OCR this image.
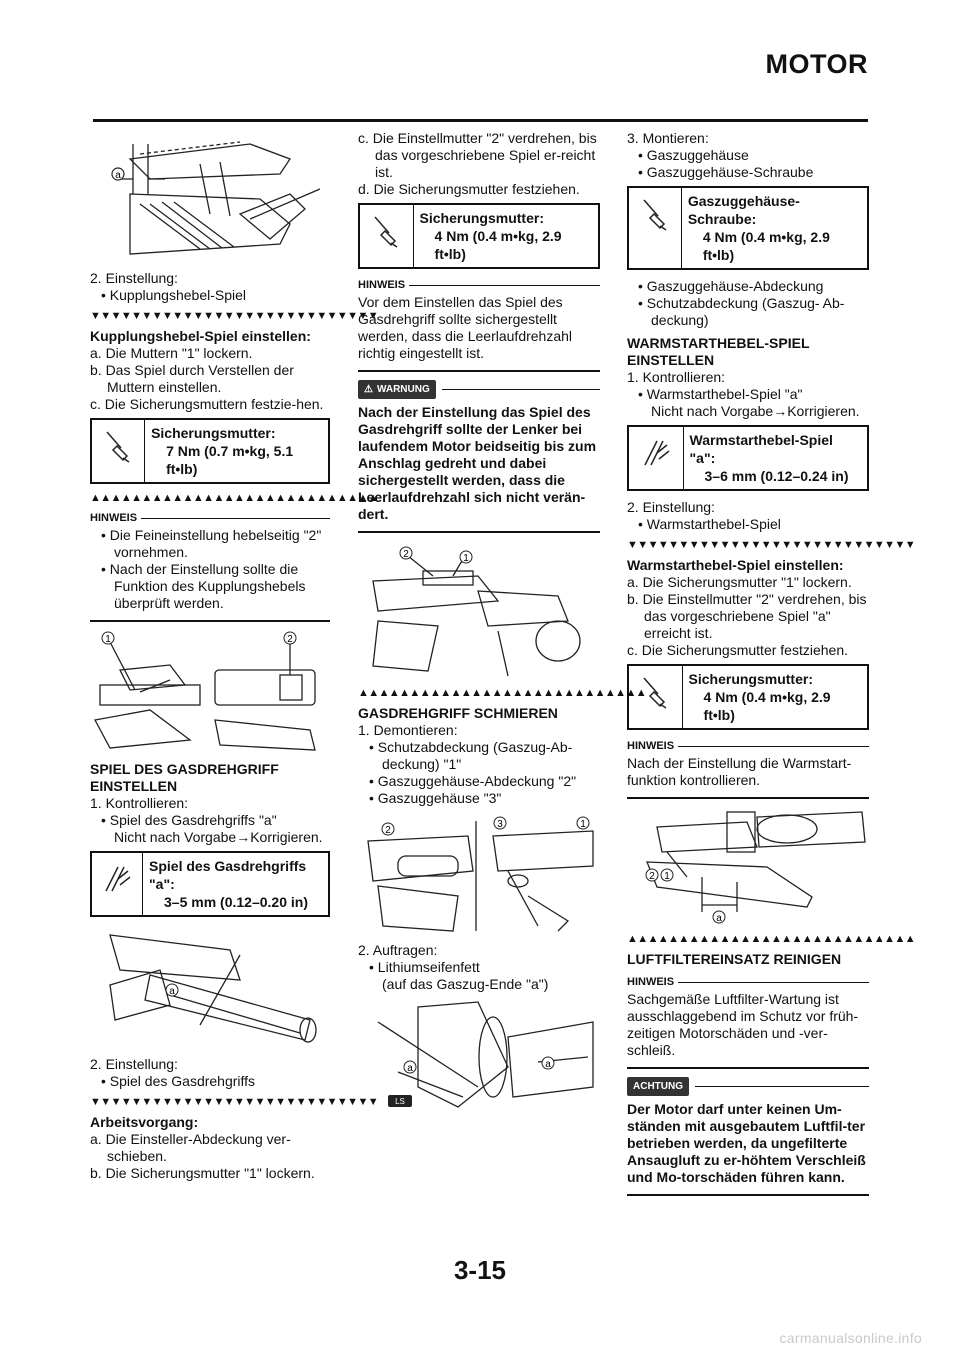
MOTOR
a

2. Einstellung:

• Kupplungshebel-Spiel

▼▼▼▼▼▼▼▼▼▼▼▼▼▼▼▼▼▼▼▼▼▼▼▼▼▼▼▼

Kupplungshebel-Spiel einstellen:

a. Die Muttern "1" lockern.

b. Das Spiel durch Verstellen der Muttern einstellen.

c. Die Sicherungsmuttern festzie-hen.

Sicherungsmutter:
7 Nm (0.7 m•kg, 5.1 ft•lb)
▲▲▲▲▲▲▲▲▲▲▲▲▲▲▲▲▲▲▲▲▲▲▲▲▲▲▲▲
HINWEIS

• Die Feineinstellung hebelseitig "2" vornehmen.

• Nach der Einstellung sollte die Funktion des Kupplungshebels überprüft werden.

1	2

SPIEL DES GASDREHGRIFF EINSTELLEN

1. Kontrollieren:

• Spiel des Gasdrehgriffs "a"

Nicht nach Vorgabe→Korrigieren.

Spiel des Gasdrehgriffs "a":
3–5 mm (0.12–0.20 in)
a

2. Einstellung:

• Spiel des Gasdrehgriffs

▼▼▼▼▼▼▼▼▼▼▼▼▼▼▼▼▼▼▼▼▼▼▼▼▼▼▼▼

Arbeitsvorgang:

a. Die Einsteller-Abdeckung ver-schieben.

b. Die Sicherungsmutter "1" lockern.

c. Die Einstellmutter "2" verdrehen, bis das vorgeschriebene Spiel er-reicht ist.

d. Die Sicherungsmutter festziehen.

Sicherungsmutter:
4 Nm (0.4 m•kg, 2.9 ft•lb)
HINWEIS

Vor dem Einstellen das Spiel des Gasdrehgriff sollte sichergestellt werden, dass die Leerlaufdrehzahl richtig eingestellt ist.

⚠ WARNUNG

Nach der Einstellung das Spiel des Gasdrehgriff sollte der Lenker bei laufendem Motor beidseitig bis zum Anschlag gedreht und dabei sichergestellt werden, dass die Leerlaufdrehzahl sich nicht verän-dert.

2	1
▲▲▲▲▲▲▲▲▲▲▲▲▲▲▲▲▲▲▲▲▲▲▲▲▲▲▲▲

GASDREHGRIFF SCHMIEREN

1. Demontieren:

• Schutzabdeckung (Gaszug-Ab-deckung) "1"

• Gaszuggehäuse-Abdeckung "2"

• Gaszuggehäuse "3"

2
3	1

2. Auftragen:

• Lithiumseifenfett

(auf das Gaszug-Ende "a")

a	a
LS

3. Montieren:

• Gaszuggehäuse

• Gaszuggehäuse-Schraube

Gaszuggehäuse-Schraube:
4 Nm (0.4 m•kg, 2.9 ft•lb)

• Gaszuggehäuse-Abdeckung

• Schutzabdeckung (Gaszug- Ab-deckung)

WARMSTARTHEBEL-SPIEL EINSTELLEN

1. Kontrollieren:

• Warmstarthebel-Spiel "a"

Nicht nach Vorgabe→Korrigieren.

Warmstarthebel-Spiel "a":
3–6 mm (0.12–0.24 in)

2. Einstellung:

• Warmstarthebel-Spiel

▼▼▼▼▼▼▼▼▼▼▼▼▼▼▼▼▼▼▼▼▼▼▼▼▼▼▼▼

Warmstarthebel-Spiel einstellen:

a. Die Sicherungsmutter "1" lockern.

b. Die Einstellmutter "2" verdrehen, bis das vorgeschriebene Spiel "a" erreicht ist.

c. Die Sicherungsmutter festziehen.

Sicherungsmutter:
4 Nm (0.4 m•kg, 2.9 ft•lb)
HINWEIS

Nach der Einstellung die Warmstart-funktion kontrollieren.

2 1
a
▲▲▲▲▲▲▲▲▲▲▲▲▲▲▲▲▲▲▲▲▲▲▲▲▲▲▲▲

LUFTFILTEREINSATZ REINIGEN

HINWEIS

Sachgemäße Luftfilter-Wartung ist ausschlaggebend im Schutz vor früh-zeitigen Motorschäden und -ver-schleiß.

ACHTUNG

Der Motor darf unter keinen Um-ständen mit ausgebautem Luftfil-ter betrieben werden, da ungefilterte Ansaugluft zu er-höhtem Verschleiß und Mo-torschäden führen kann.

3-15
carmanualsonline.info
